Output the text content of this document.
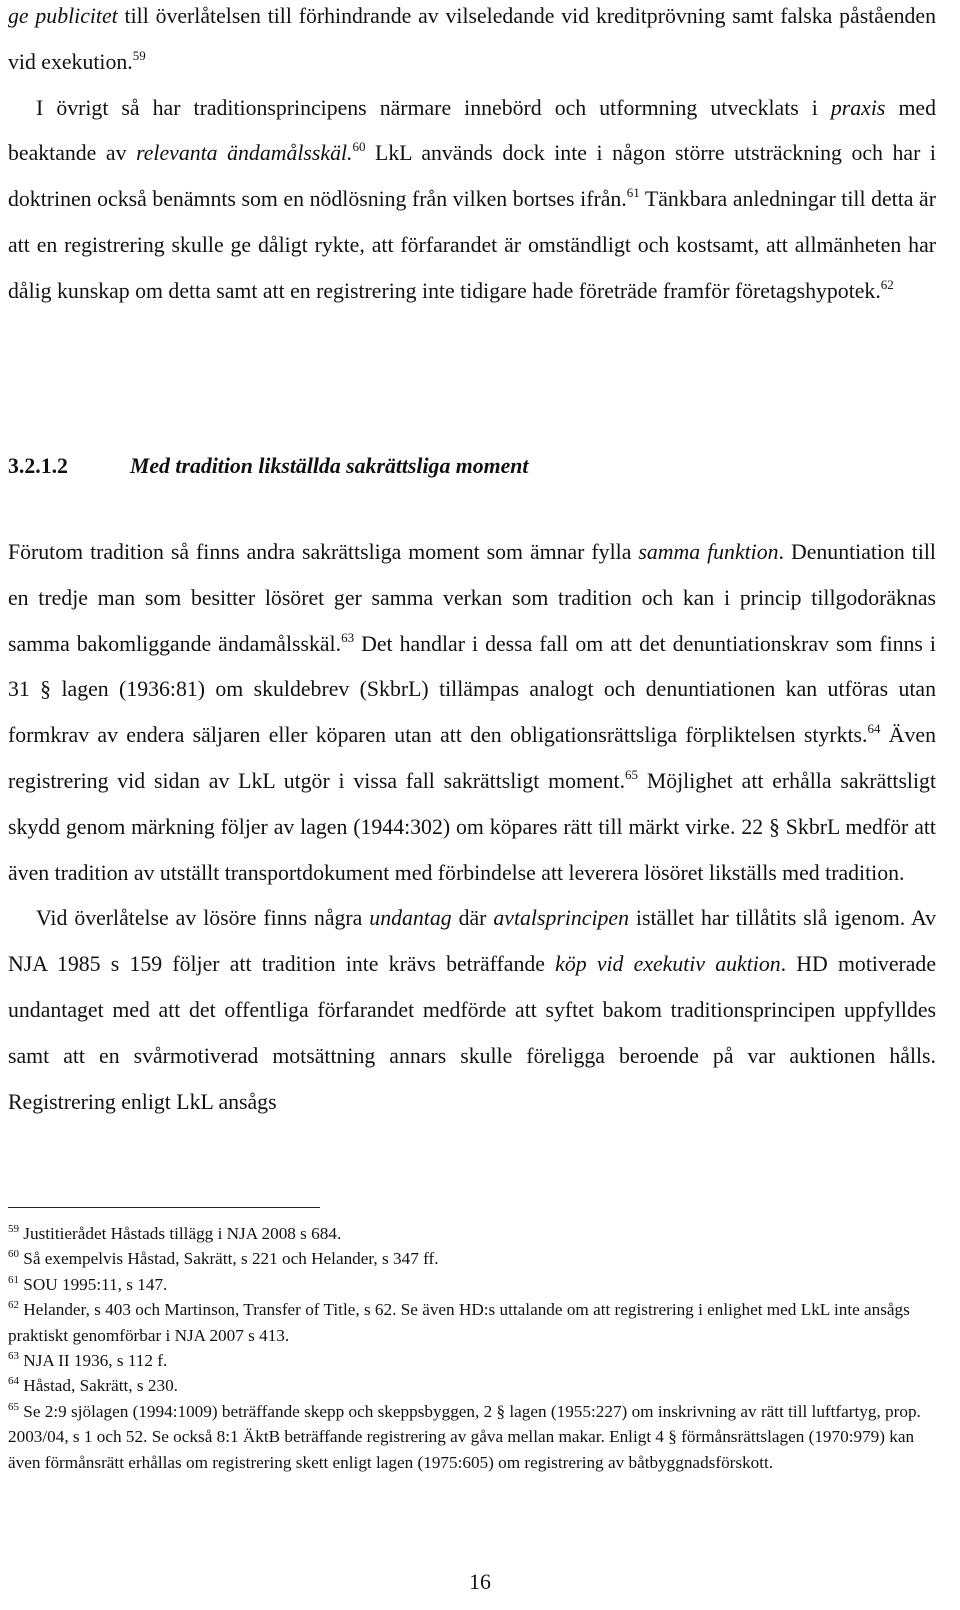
ge publicitet till överlåtelsen till förhindrande av vilseledande vid kreditprövning samt falska påståenden vid exekution.$^{59}$

I övrigt så har traditionsprincipens närmare innebörd och utformning utvecklats i praxis med beaktande av relevanta ändamålsskäl.$^{60}$ LkL används dock inte i någon större utsträckning och har i doktrinen också benämnts som en nödlösning från vilken bortses ifrån.$^{61}$ Tänkbara anledningar till detta är att en registrering skulle ge dåligt rykte, att förfarandet är omständligt och kostsamt, att allmänheten har dålig kunskap om detta samt att en registrering inte tidigare hade företräde framför företagshypotek.$^{62}$

3.2.1.2	Med tradition likställda sakrättsliga moment

Förutom tradition så finns andra sakrättsliga moment som ämnar fylla samma funktion. Denuntiation till en tredje man som besitter lösöret ger samma verkan som tradition och kan i princip tillgodoräknas samma bakomliggande ändamålsskäl.$^{63}$ Det handlar i dessa fall om att det denuntiationskrav som finns i 31 § lagen (1936:81) om skuldebrev (SkbrL) tillämpas analogt och denuntiationen kan utföras utan formkrav av endera säljaren eller köparen utan att den obligationsrättsliga förpliktelsen styrkts.$^{64}$ Även registrering vid sidan av LkL utgör i vissa fall sakrättsligt moment.$^{65}$ Möjlighet att erhålla sakrättsligt skydd genom märkning följer av lagen (1944:302) om köpares rätt till märkt virke. 22 § SkbrL medför att även tradition av utställt transportdokument med förbindelse att leverera lösöret likställs med tradition.

Vid överlåtelse av lösöre finns några undantag där avtalsprincipen istället har tillåtits slå igenom. Av NJA 1985 s 159 följer att tradition inte krävs beträffande köp vid exekutiv auktion. HD motiverade undantaget med att det offentliga förfarandet medförde att syftet bakom traditionsprincipen uppfylldes samt att en svårmotiverad motsättning annars skulle föreligga beroende på var auktionen hålls. Registrering enligt LkL ansågs

$^{59}$ Justitierådet Håstads tillägg i NJA 2008 s 684.

$^{60}$ Så exempelvis Håstad, Sakrätt, s 221 och Helander, s 347 ff.

$^{61}$ SOU 1995:11, s 147.

$^{62}$ Helander, s 403 och Martinson, Transfer of Title, s 62. Se även HD:s uttalande om att registrering i enlighet med LkL inte ansågs praktiskt genomförbar i NJA 2007 s 413.

$^{63}$ NJA II 1936, s 112 f.

$^{64}$ Håstad, Sakrätt, s 230.

$^{65}$ Se 2:9 sjölagen (1994:1009) beträffande skepp och skeppsbyggen, 2 § lagen (1955:227) om inskrivning av rätt till luftfartyg, prop. 2003/04, s 1 och 52. Se också 8:1 ÄktB beträffande registrering av gåva mellan makar. Enligt 4 § förmånsrättslagen (1970:979) kan även förmånsrätt erhållas om registrering skett enligt lagen (1975:605) om registrering av båtbyggnadsförskott.

16
